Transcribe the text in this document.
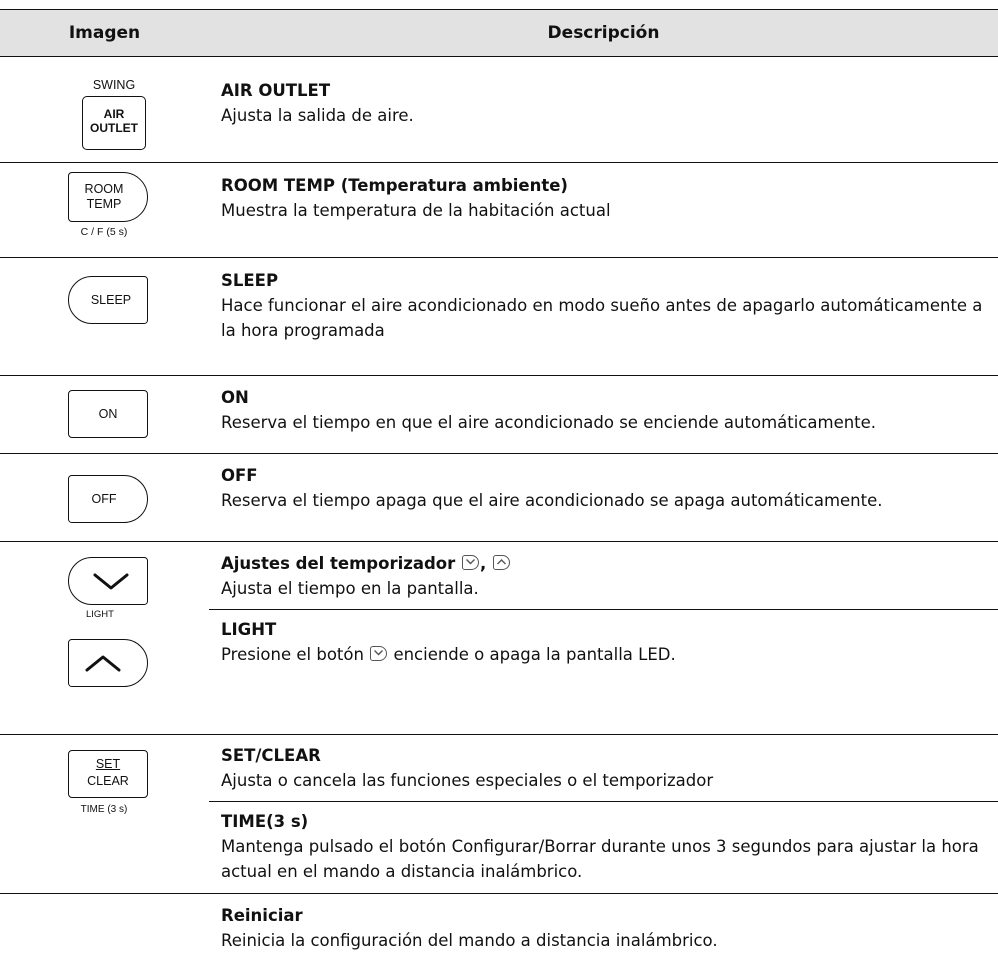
Imagen	Descripción
SWING
AIR
OUTLET
AIR OUTLET
Ajusta la salida de aire.
ROOM
TEMP
C / F (5 s)
ROOM TEMP (Temperatura ambiente)
Muestra la temperatura de la habitación actual
SLEEP
SLEEP
Hace funcionar el aire acondicionado en modo sueño antes de apagarlo automáticamente a la hora programada
ON
ON
Reserva el tiempo en que el aire acondicionado se enciende automáticamente.
OFF
OFF
Reserva el tiempo apaga que el aire acondicionado se apaga automáticamente.
LIGHT
Ajustes del temporizador ,
Ajusta el tiempo en la pantalla.
LIGHT
Presione el botón enciende o apaga la pantalla LED.
SET
CLEAR
TIME (3 s)
SET/CLEAR
Ajusta o cancela las funciones especiales o el temporizador
TIME(3 s)
Mantenga pulsado el botón Configurar/Borrar durante unos 3 segundos para ajustar la hora actual en el mando a distancia inalámbrico.
Reiniciar
Reinicia la configuración del mando a distancia inalámbrico.
